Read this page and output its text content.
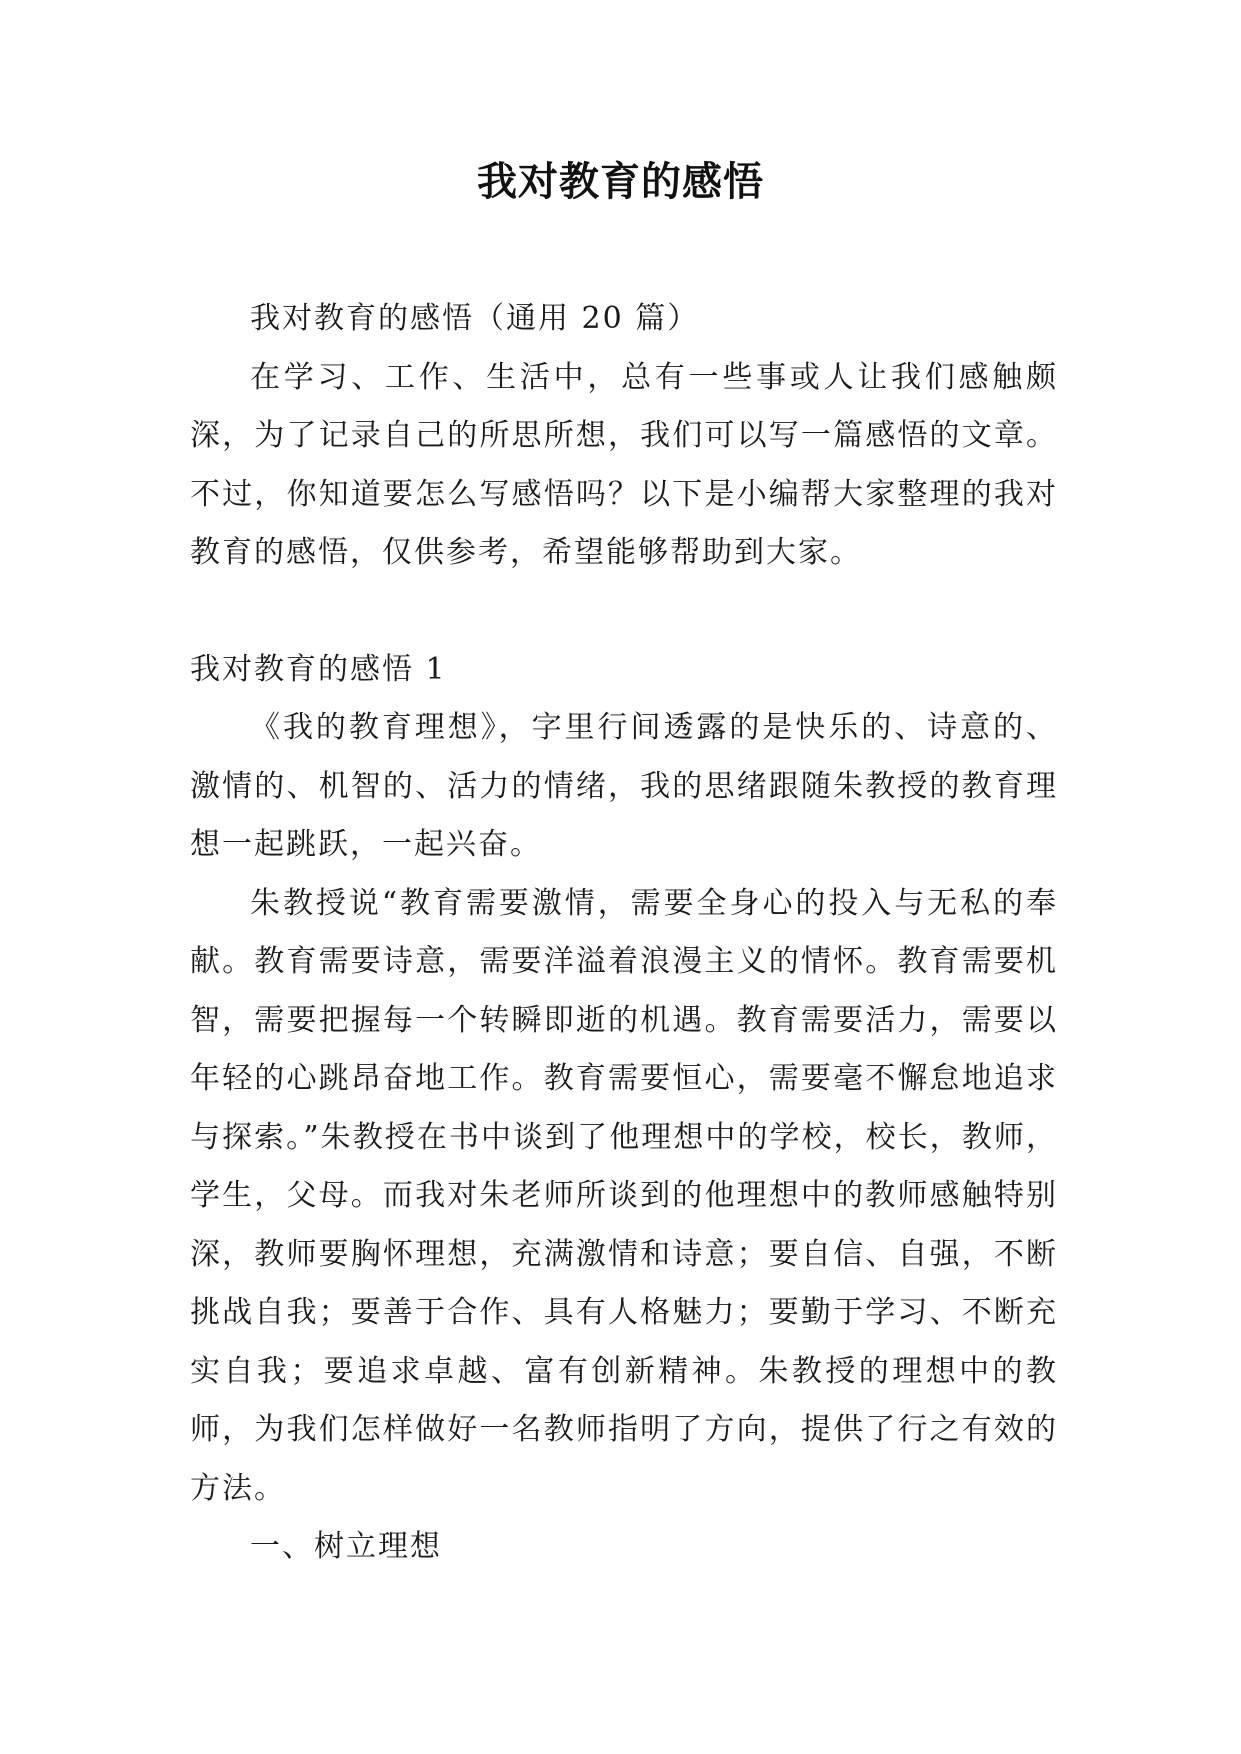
我对教育的感悟

我对教育的感悟（通用 20 篇）

在学习、工作、生活中，总有一些事或人让我们感触颇深，为了记录自己的所思所想，我们可以写一篇感悟的文章。不过，你知道要怎么写感悟吗？以下是小编帮大家整理的我对教育的感悟，仅供参考，希望能够帮助到大家。

我对教育的感悟 1

《我的教育理想》，字里行间透露的是快乐的、诗意的、激情的、机智的、活力的情绪，我的思绪跟随朱教授的教育理想一起跳跃，一起兴奋。

朱教授说“教育需要激情，需要全身心的投入与无私的奉献。教育需要诗意，需要洋溢着浪漫主义的情怀。教育需要机智，需要把握每一个转瞬即逝的机遇。教育需要活力，需要以年轻的心跳昂奋地工作。教育需要恒心，需要毫不懈怠地追求与探索。”朱教授在书中谈到了他理想中的学校，校长，教师，学生，父母。而我对朱老师所谈到的他理想中的教师感触特别深，教师要胸怀理想，充满激情和诗意；要自信、自强，不断挑战自我；要善于合作、具有人格魅力；要勤于学习、不断充实自我；要追求卓越、富有创新精神。朱教授的理想中的教师，为我们怎样做好一名教师指明了方向，提供了行之有效的方法。

一、树立理想
